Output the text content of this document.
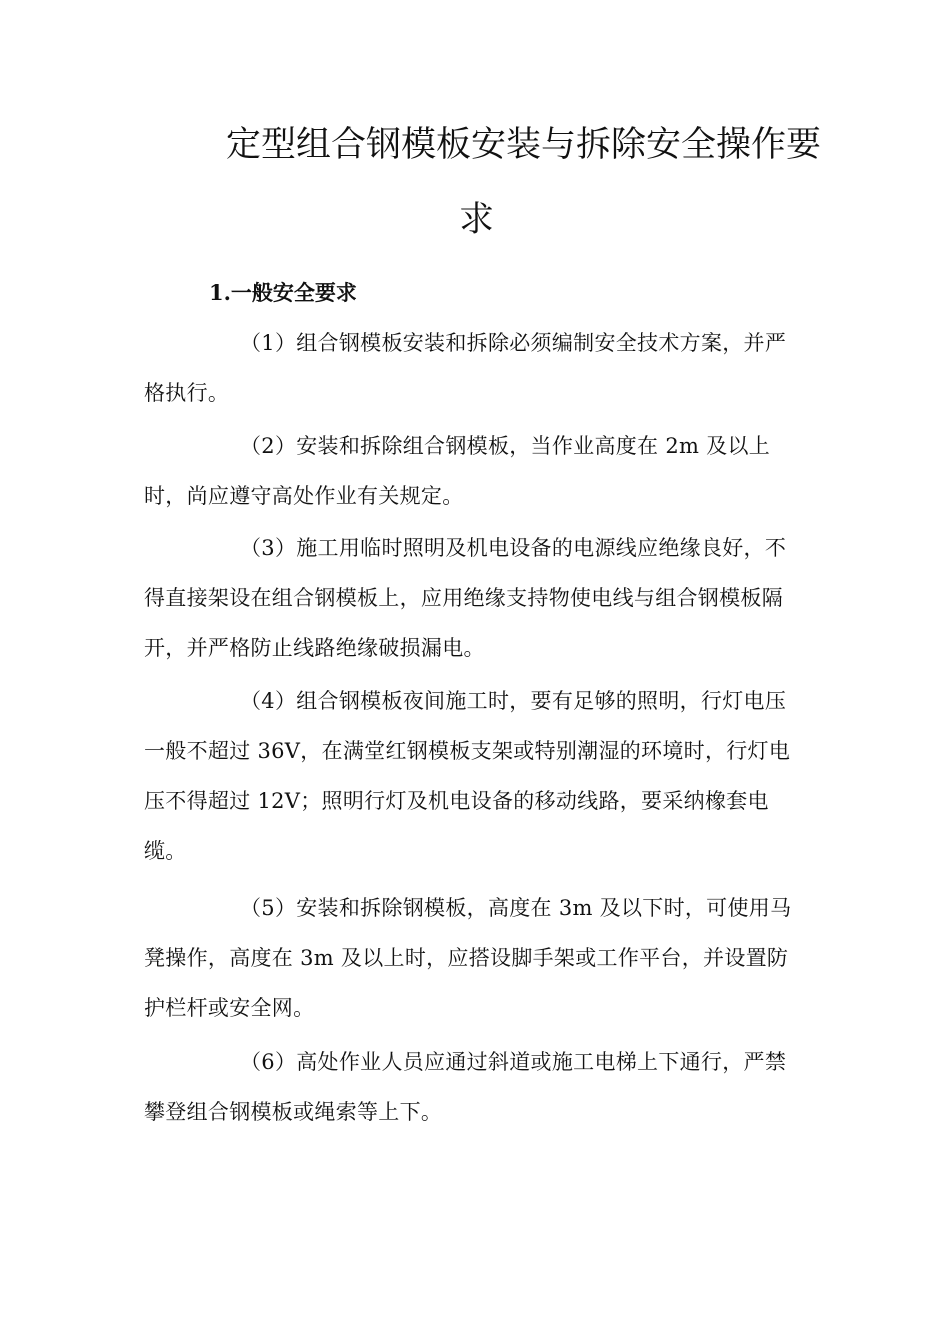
定型组合钢模板安装与拆除安全操作要
求
1.一般安全要求

（1）组合钢模板安装和拆除必须编制安全技术方案，并严格执行。

（2）安装和拆除组合钢模板，当作业高度在 2m 及以上时，尚应遵守高处作业有关规定。

（3）施工用临时照明及机电设备的电源线应绝缘良好，不得直接架设在组合钢模板上，应用绝缘支持物使电线与组合钢模板隔开，并严格防止线路绝缘破损漏电。

（4）组合钢模板夜间施工时，要有足够的照明，行灯电压一般不超过 36V，在满堂红钢模板支架或特别潮湿的环境时，行灯电压不得超过 12V；照明行灯及机电设备的移动线路，要采纳橡套电缆。

（5）安装和拆除钢模板，高度在 3m 及以下时，可使用马凳操作，高度在 3m 及以上时，应搭设脚手架或工作平台，并设置防护栏杆或安全网。

（6）高处作业人员应通过斜道或施工电梯上下通行，严禁攀登组合钢模板或绳索等上下。
